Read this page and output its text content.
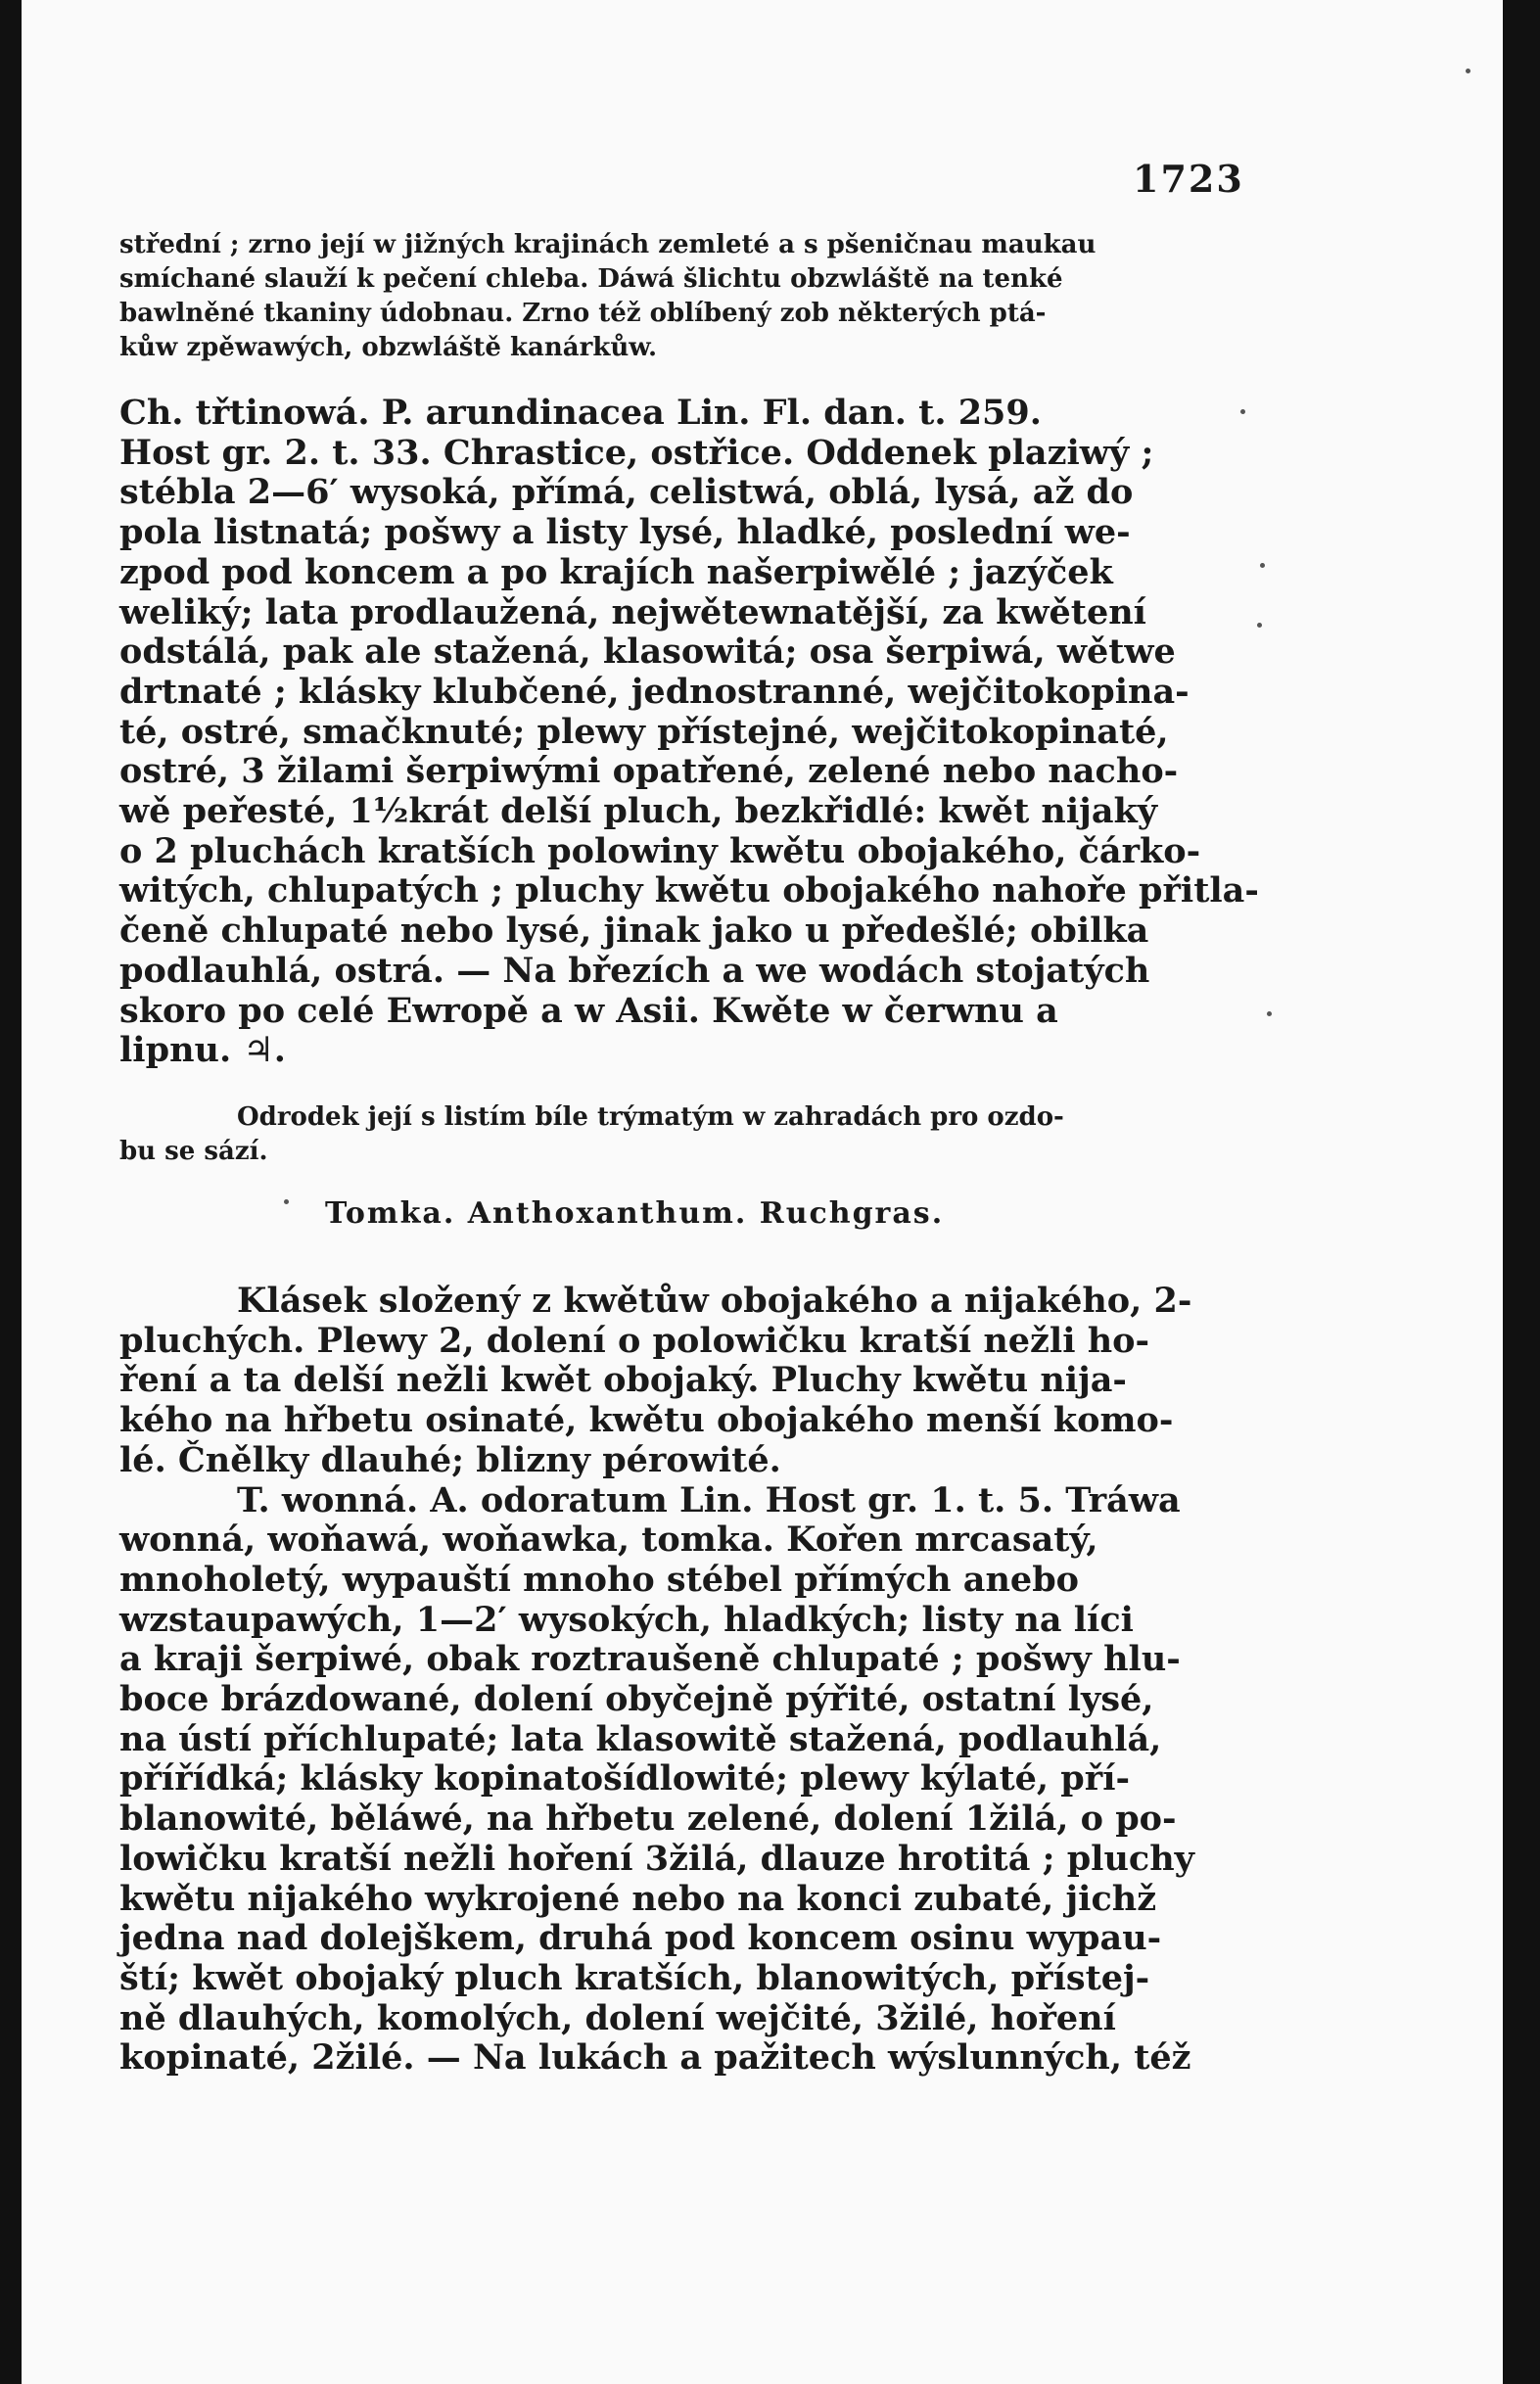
1723
střední ; zrno její w jižných krajinách zemleté a s pšeničnau maukau
smíchané slauží k pečení chleba. Dáwá šlichtu obzwláště na tenké
bawlněné tkaniny údobnau. Zrno též oblíbený zob některých ptá-
kůw zpěwawých, obzwláště kanárkůw.
Ch. třtinowá. P. arundinacea Lin. Fl. dan. t. 259.
Host gr. 2. t. 33. Chrastice, ostřice. Oddenek plaziwý ;
stébla 2—6′ wysoká, přímá, celistwá, oblá, lysá, až do
pola listnatá; pošwy a listy lysé, hladké, poslední we-
zpod pod koncem a po krajích našerpiwělé ; jazýček
weliký; lata prodlaužená, nejwětewnatější, za kwětení
odstálá, pak ale stažená, klasowitá; osa šerpiwá, wětwe
drtnaté ; klásky klubčené, jednostranné, wejčitokopina-
té, ostré, smačknuté; plewy přístejné, wejčitokopinaté,
ostré, 3 žilami šerpiwými opatřené, zelené nebo nacho-
wě peřesté, 1½krát delší pluch, bezkřidlé: kwět nijaký
o 2 pluchách kratších polowiny kwětu obojakého, čárko-
witých, chlupatých ; pluchy kwětu obojakého nahoře přitla-
čeně chlupaté nebo lysé, jinak jako u předešlé; obilka
podlauhlá, ostrá. — Na březích a we wodách stojatých
skoro po celé Ewropě a w Asii. Kwěte w čerwnu a
lipnu. ♃.
Odrodek její s listím bíle trýmatým w zahradách pro ozdo-
bu se sází.
Tomka. Anthoxanthum. Ruchgras.
Klásek složený z kwětůw obojakého a nijakého, 2-
pluchých. Plewy 2, dolení o polowičku kratší nežli ho-
ření a ta delší nežli kwět obojaký. Pluchy kwětu nija-
kého na hřbetu osinaté, kwětu obojakého menší komo-
lé. Čnělky dlauhé; blizny pérowité.
T. wonná. A. odoratum Lin. Host gr. 1. t. 5. Tráwa
wonná, woňawá, woňawka, tomka. Kořen mrcasatý,
mnoholetý, wypauští mnoho stébel přímých anebo
wzstaupawých, 1—2′ wysokých, hladkých; listy na líci
a kraji šerpiwé, obak roztraušeně chlupaté ; pošwy hlu-
boce brázdowané, dolení obyčejně pýřité, ostatní lysé,
na ústí příchlupaté; lata klasowitě stažená, podlauhlá,
přířídká; klásky kopinatošídlowité; plewy kýlaté, pří-
blanowité, běláwé, na hřbetu zelené, dolení 1žilá, o po-
lowičku kratší nežli hoření 3žilá, dlauze hrotitá ; pluchy
kwětu nijakého wykrojené nebo na konci zubaté, jichž
jedna nad dolejškem, druhá pod koncem osinu wypau-
ští; kwět obojaký pluch kratších, blanowitých, přístej-
ně dlauhých, komolých, dolení wejčité, 3žilé, hoření
kopinaté, 2žilé. — Na lukách a pažitech wýslunných, též
